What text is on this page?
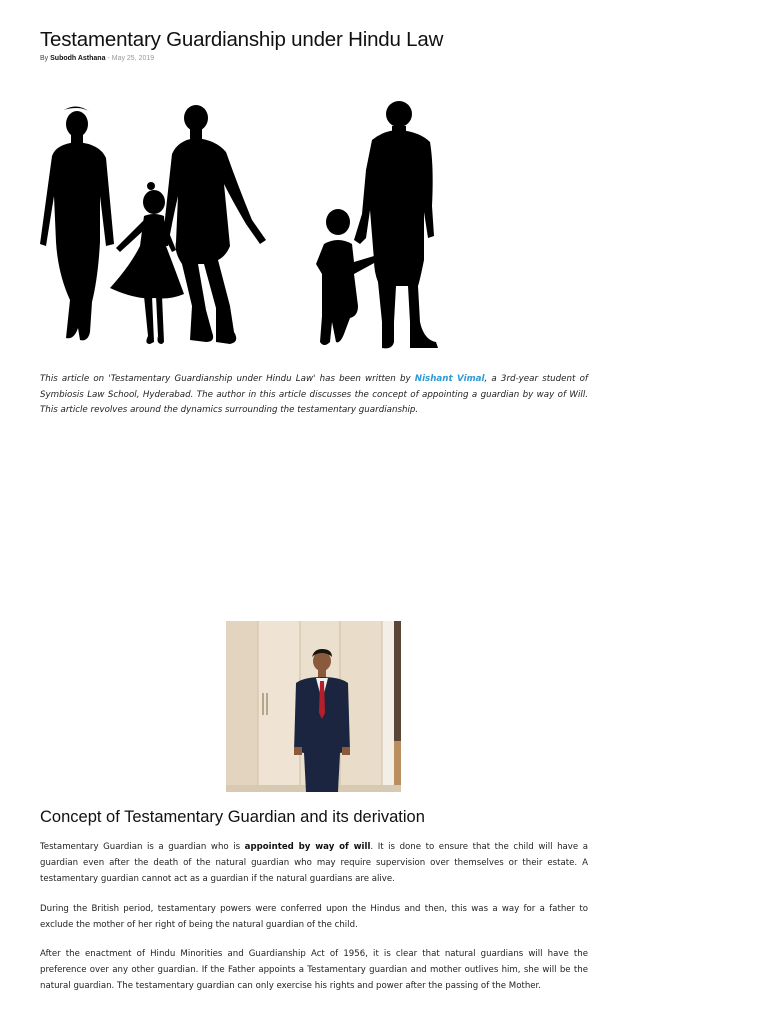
Testamentary Guardianship under Hindu Law
By Subodh Asthana - May 25, 2019

This article on 'Testamentary Guardianship under Hindu Law' has been written by Nishant Vimal, a 3rd-year student of Symbiosis Law School, Hyderabad. The author in this article discusses the concept of appointing a guardian by way of Will. This article revolves around the dynamics surrounding the testamentary guardianship.

Concept of Testamentary Guardian and its derivation

Testamentary Guardian is a guardian who is appointed by way of will. It is done to ensure that the child will have a guardian even after the death of the natural guardian who may require supervision over themselves or their estate. A testamentary guardian cannot act as a guardian if the natural guardians are alive.

During the British period, testamentary powers were conferred upon the Hindus and then, this was a way for a father to exclude the mother of her right of being the natural guardian of the child.

After the enactment of Hindu Minorities and Guardianship Act of 1956, it is clear that natural guardians will have the preference over any other guardian. If the Father appoints a Testamentary guardian and mother outlives him, she will be the natural guardian. The testamentary guardian can only exercise his rights and power after the passing of the Mother.
